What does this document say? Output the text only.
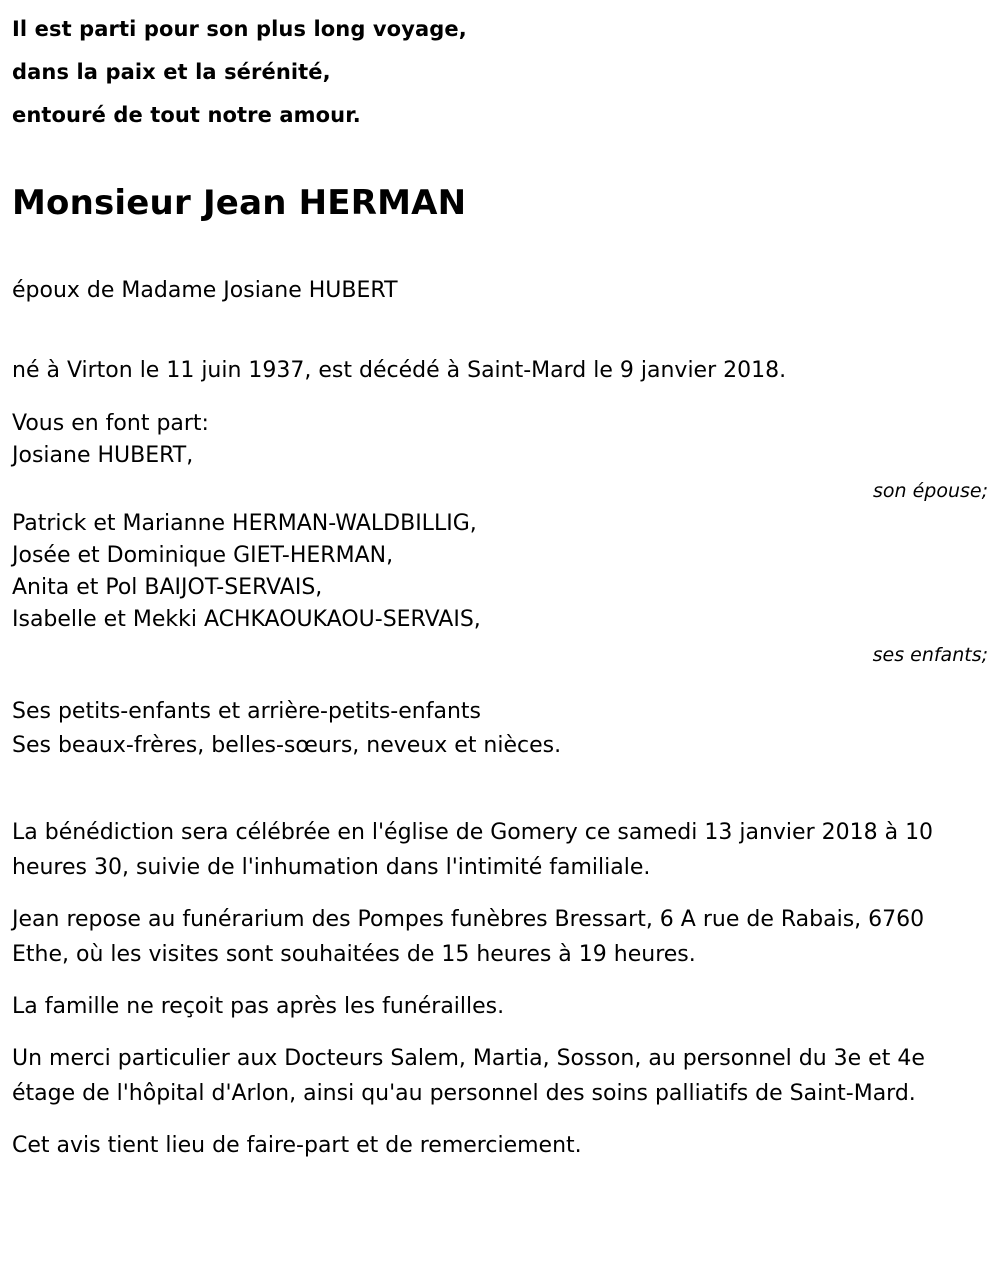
Il est parti pour son plus long voyage,
dans la paix et la sérénité,
entouré de tout notre amour.
Monsieur Jean HERMAN
époux de Madame Josiane HUBERT
né à Virton le 11 juin 1937, est décédé à Saint-Mard le 9 janvier 2018.
Vous en font part:
Josiane HUBERT,
son épouse;
Patrick et Marianne HERMAN-WALDBILLIG,
Josée et Dominique GIET-HERMAN,
Anita et Pol BAIJOT-SERVAIS,
Isabelle et Mekki ACHKAOUKAOU-SERVAIS,
ses enfants;
Ses petits-enfants et arrière-petits-enfants
Ses beaux-frères, belles-sœurs, neveux et nièces.

La bénédiction sera célébrée en l'église de Gomery ce samedi 13 janvier 2018 à 10 heures 30, suivie de l'inhumation dans l'intimité familiale.

Jean repose au funérarium des Pompes funèbres Bressart, 6 A rue de Rabais, 6760 Ethe, où les visites sont souhaitées de 15 heures à 19 heures.

La famille ne reçoit pas après les funérailles.

Un merci particulier aux Docteurs Salem, Martia, Sosson, au personnel du 3e et 4e étage de l'hôpital d'Arlon, ainsi qu'au personnel des soins palliatifs de Saint-Mard.

Cet avis tient lieu de faire-part et de remerciement.
